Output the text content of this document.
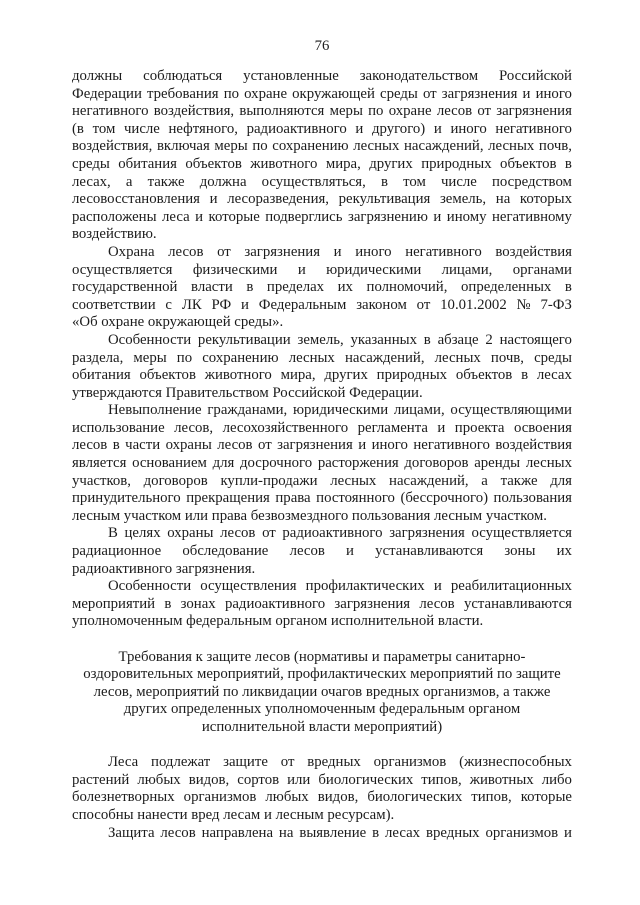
76
должны соблюдаться установленные законодательством Российской
Федерации требования по охране окружающей среды от загрязнения и иного
негативного воздействия, выполняются меры по охране лесов от загрязнения
(в том числе нефтяного, радиоактивного и другого) и иного негативного
воздействия, включая меры по сохранению лесных насаждений, лесных почв,
среды обитания объектов животного мира, других природных объектов в
лесах, а также должна осуществляться, в том числе посредством
лесовосстановления и лесоразведения, рекультивация земель, на которых
расположены леса и которые подверглись загрязнению и иному негативному
воздействию.
Охрана лесов от загрязнения и иного негативного воздействия
осуществляется физическими и юридическими лицами, органами
государственной власти в пределах их полномочий, определенных в
соответствии с ЛК РФ и Федеральным законом от 10.01.2002 № 7-ФЗ
«Об охране окружающей среды».
Особенности рекультивации земель, указанных в абзаце 2 настоящего
раздела, меры по сохранению лесных насаждений, лесных почв, среды
обитания объектов животного мира, других природных объектов в лесах
утверждаются Правительством Российской Федерации.
Невыполнение гражданами, юридическими лицами, осуществляющими
использование лесов, лесохозяйственного регламента и проекта освоения
лесов в части охраны лесов от загрязнения и иного негативного воздействия
является основанием для досрочного расторжения договоров аренды лесных
участков, договоров купли-продажи лесных насаждений, а также для
принудительного прекращения права постоянного (бессрочного) пользования
лесным участком или права безвозмездного пользования лесным участком.
В целях охраны лесов от радиоактивного загрязнения осуществляется
радиационное обследование лесов и устанавливаются зоны их
радиоактивного загрязнения.
Особенности осуществления профилактических и реабилитационных
мероприятий в зонах радиоактивного загрязнения лесов устанавливаются
уполномоченным федеральным органом исполнительной власти.
Требования к защите лесов (нормативы и параметры санитарно-
оздоровительных мероприятий, профилактических мероприятий по защите
лесов, мероприятий по ликвидации очагов вредных организмов, а также
других определенных уполномоченным федеральным органом
исполнительной власти мероприятий)
Леса подлежат защите от вредных организмов (жизнеспособных
растений любых видов, сортов или биологических типов, животных либо
болезнетворных организмов любых видов, биологических типов, которые
способны нанести вред лесам и лесным ресурсам).
Защита лесов направлена на выявление в лесах вредных организмов и
